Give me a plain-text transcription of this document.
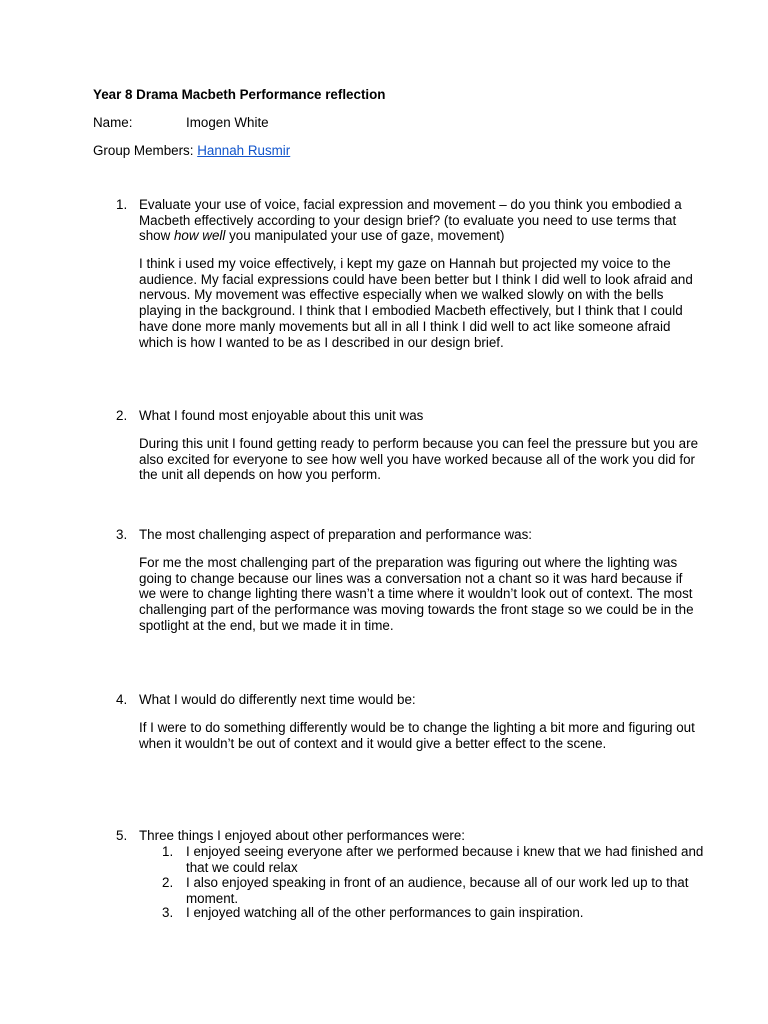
Year 8 Drama Macbeth Performance reflection
Name:	Imogen White
Group Members: Hannah Rusmir
1. Evaluate your use of voice, facial expression and movement – do you think you embodied a Macbeth effectively according to your design brief? (to evaluate you need to use terms that show how well you manipulated your use of gaze, movement)
I think i used my voice effectively, i kept my gaze on Hannah but projected my voice to the audience. My facial expressions could have been better but I think I did well to look afraid and nervous. My movement was effective especially when we walked slowly on with the bells playing in the background. I think that I embodied Macbeth effectively, but I think that I could have done more manly movements but all in all I think I did well to act like someone afraid which is how I wanted to be as I described in our design brief.
2. What I found most enjoyable about this unit was
During this unit I found getting ready to perform because you can feel the pressure but you are also excited for everyone to see how well you have worked because all of the work you did for the unit all depends on how you perform.
3. The most challenging aspect of preparation and performance was:
For me the most challenging part of the preparation was figuring out where the lighting was going to change because our lines was a conversation not a chant so it was hard because if we were to change lighting there wasn’t a time where it wouldn’t look out of context. The most challenging part of the performance was moving towards the front stage so we could be in the spotlight at the end, but we made it in time.
4. What I would do differently next time would be:
If I were to do something differently would be to change the lighting a bit more and figuring out when it wouldn’t be out of context and it would give a better effect to the scene.
5. Three things I enjoyed about other performances were:
1. I enjoyed seeing everyone after we performed because i knew that we had finished and that we could relax
2. I also enjoyed speaking in front of an audience, because all of our work led up to that moment.
3. I enjoyed watching all of the other performances to gain inspiration.
